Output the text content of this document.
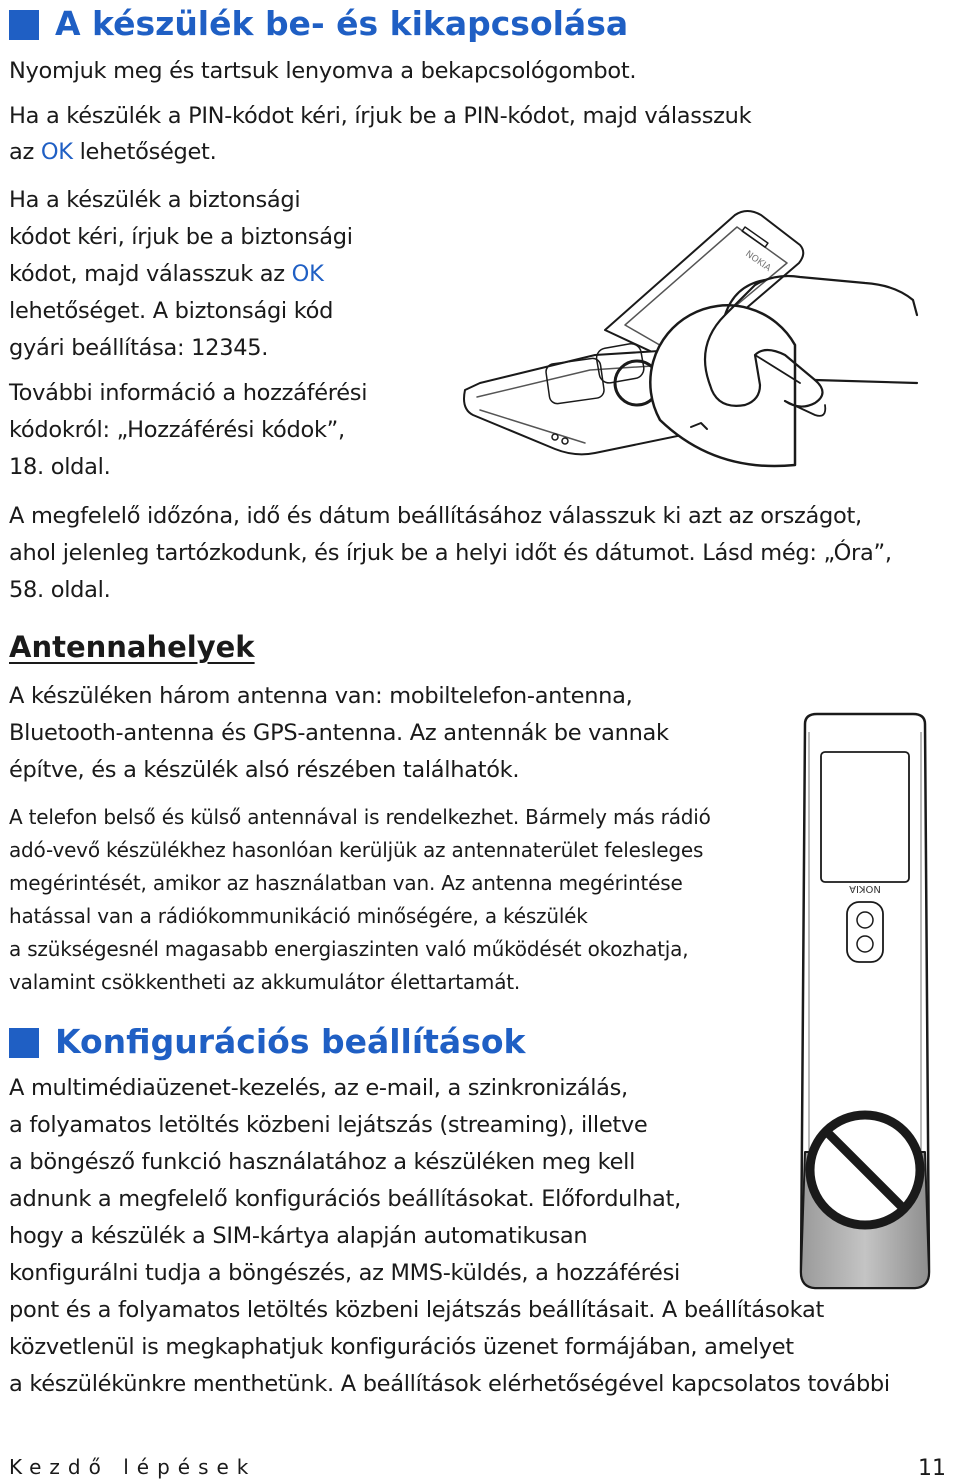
A készülék be- és kikapcsolása
Nyomjuk meg és tartsuk lenyomva a bekapcsológombot.
Ha a készülék a PIN-kódot kéri, írjuk be a PIN-kódot, majd válasszuk
az OK lehetőséget.
Ha a készülék a biztonsági
kódot kéri, írjuk be a biztonsági
kódot, majd válasszuk az OK
lehetőséget. A biztonsági kód
gyári beállítása: 12345.
További információ a hozzáférési
kódokról: „Hozzáférési kódok”,
18. oldal.
A megfelelő időzóna, idő és dátum beállításához válasszuk ki azt az országot,
ahol jelenleg tartózkodunk, és írjuk be a helyi időt és dátumot. Lásd még: „Óra”,
58. oldal.
NOKIA
Antennahelyek
A készüléken három antenna van: mobiltelefon-antenna,
Bluetooth-antenna és GPS-antenna. Az antennák be vannak
építve, és a készülék alsó részében találhatók.
A telefon belső és külső antennával is rendelkezhet. Bármely más rádió
adó-vevő készülékhez hasonlóan kerüljük az antennaterület felesleges
megérintését, amikor az használatban van. Az antenna megérintése
hatással van a rádiókommunikáció minőségére, a készülék
a szükségesnél magasabb energiaszinten való működését okozhatja,
valamint csökkentheti az akkumulátor élettartamát.
NOKIA
Konfigurációs beállítások
A multimédiaüzenet-kezelés, az e-mail, a szinkronizálás,
a folyamatos letöltés közbeni lejátszás (streaming), illetve
a böngésző funkció használatához a készüléken meg kell
adnunk a megfelelő konfigurációs beállításokat. Előfordulhat,
hogy a készülék a SIM-kártya alapján automatikusan
konfigurálni tudja a böngészés, az MMS-küldés, a hozzáférési
pont és a folyamatos letöltés közbeni lejátszás beállításait. A beállításokat
közvetlenül is megkaphatjuk konfigurációs üzenet formájában, amelyet
a készülékünkre menthetünk. A beállítások elérhetőségével kapcsolatos további
Kezdő lépések	11
